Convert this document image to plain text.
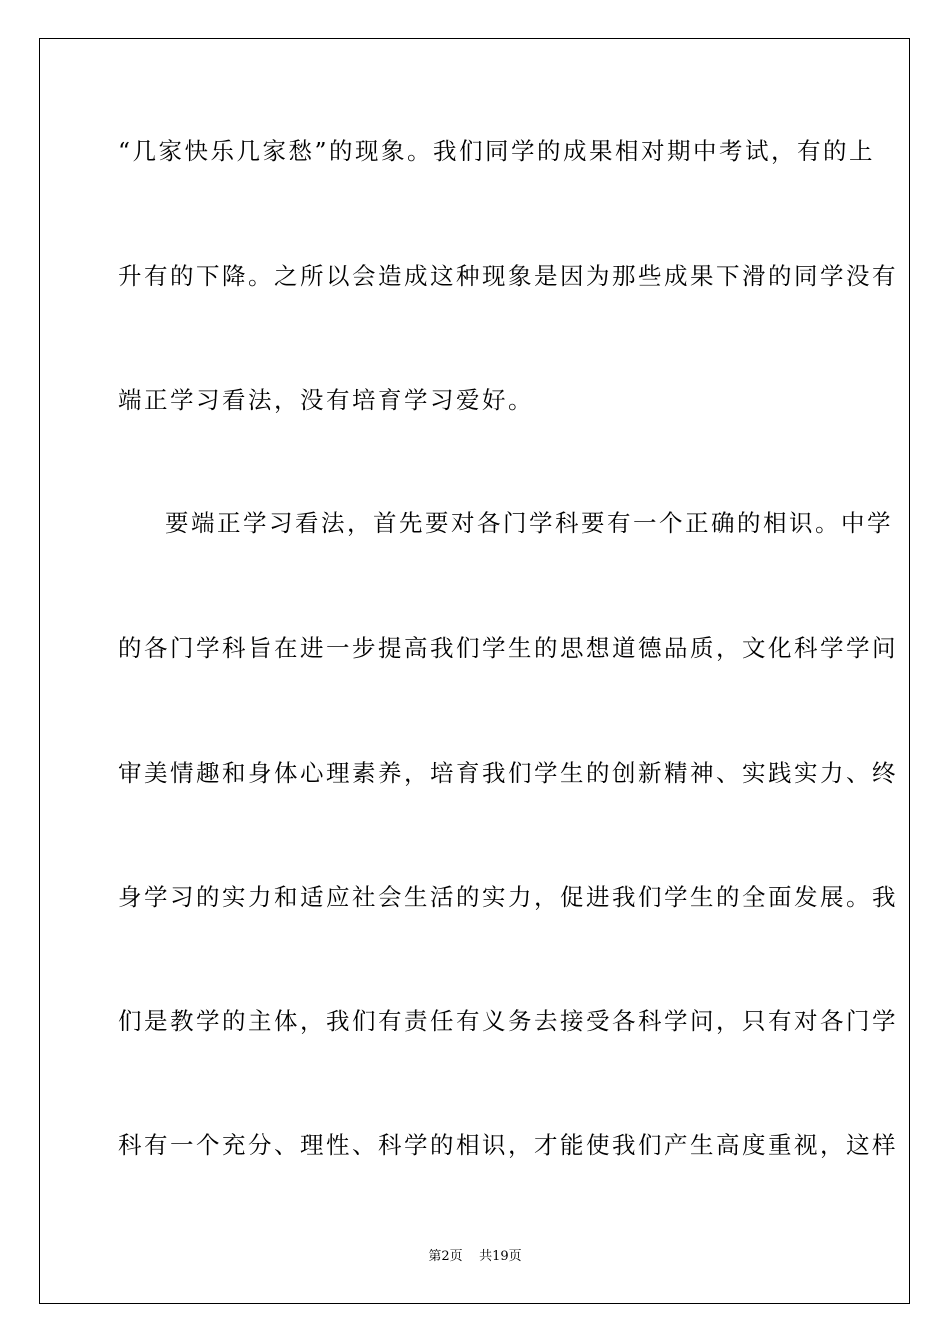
“几家快乐几家愁”的现象。我们同学的成果相对期中考试，有的上
升有的下降。之所以会造成这种现象是因为那些成果下滑的同学没有
端正学习看法，没有培育学习爱好。
要端正学习看法，首先要对各门学科要有一个正确的相识。中学
的各门学科旨在进一步提高我们学生的思想道德品质，文化科学学问
审美情趣和身体心理素养，培育我们学生的创新精神、实践实力、终
身学习的实力和适应社会生活的实力，促进我们学生的全面发展。我
们是教学的主体，我们有责任有义务去接受各科学问，只有对各门学
科有一个充分、理性、科学的相识，才能使我们产生高度重视，这样
第2页 共19页
